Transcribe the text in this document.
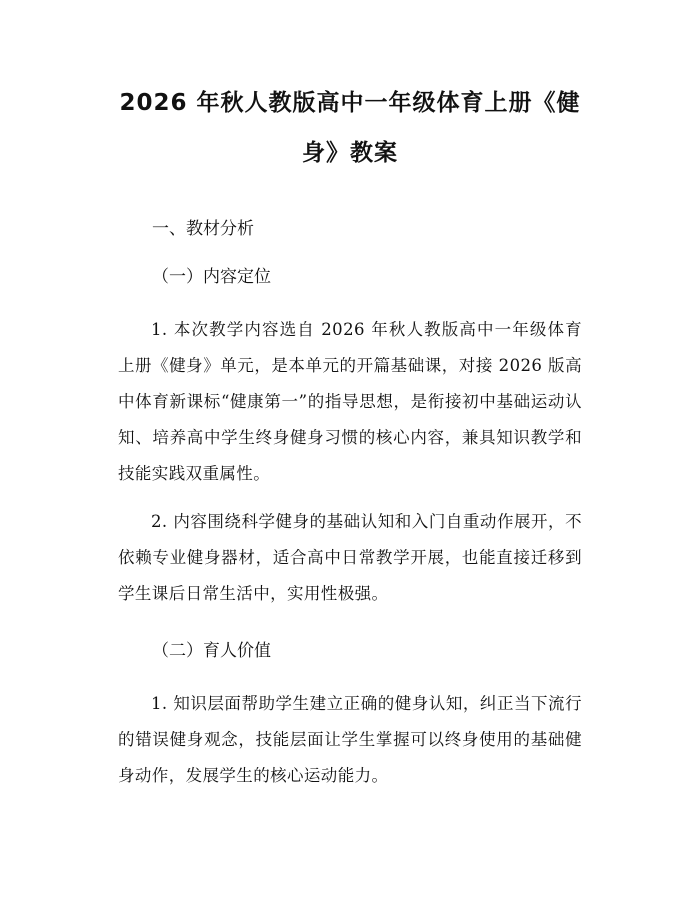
2026 年秋人教版高中一年级体育上册《健身》教案

一、教材分析

（一）内容定位

1. 本次教学内容选自 2026 年秋人教版高中一年级体育上册《健身》单元，是本单元的开篇基础课，对接 2026 版高中体育新课标“健康第一”的指导思想，是衔接初中基础运动认知、培养高中学生终身健身习惯的核心内容，兼具知识教学和技能实践双重属性。

2. 内容围绕科学健身的基础认知和入门自重动作展开，不依赖专业健身器材，适合高中日常教学开展，也能直接迁移到学生课后日常生活中，实用性极强。

（二）育人价值

1. 知识层面帮助学生建立正确的健身认知，纠正当下流行的错误健身观念，技能层面让学生掌握可以终身使用的基础健身动作，发展学生的核心运动能力。
